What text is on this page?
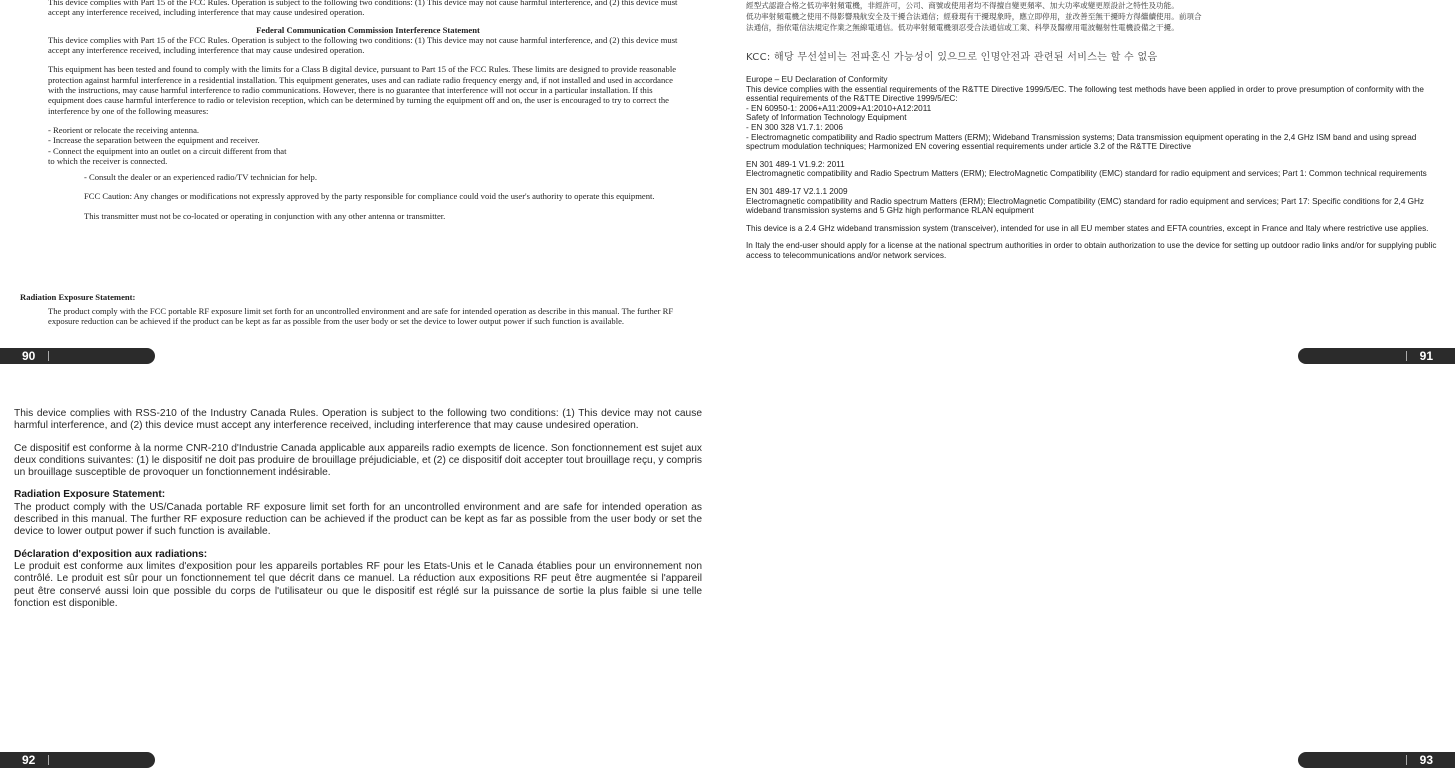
This device complies with Part 15 of the FCC Rules. Operation is subject to the following two conditions: (1) This device may not cause harmful interference, and (2) this device must accept any interference received, including interference that may cause undesired operation.

Federal Communication Commission Interference Statement

This device complies with Part 15 of the FCC Rules. Operation is subject to the following two conditions: (1) This device may not cause harmful interference, and (2) this device must accept any interference received, including interference that may cause undesired operation.

This equipment has been tested and found to comply with the limits for a Class B digital device, pursuant to Part 15 of the FCC Rules. These limits are designed to provide reasonable protection against harmful interference in a residential installation. This equipment generates, uses and can radiate radio frequency energy and, if not installed and used in accordance with the instructions, may cause harmful interference to radio communications. However, there is no guarantee that interference will not occur in a particular installation. If this equipment does cause harmful interference to radio or television reception, which can be determined by turning the equipment off and on, the user is encouraged to try to correct the interference by one of the following measures:

- Reorient or relocate the receiving antenna.

- Increase the separation between the equipment and receiver.

- Connect the equipment into an outlet on a circuit different from that

to which the receiver is connected.

- Consult the dealer or an experienced radio/TV technician for help.

FCC Caution: Any changes or modifications not expressly approved by the party responsible for compliance could void the user's authority to operate this equipment.

This transmitter must not be co-located or operating in conjunction with any other antenna or transmitter.

Radiation Exposure Statement:
The product comply with the FCC portable RF exposure limit set forth for an uncontrolled environment and are safe for intended operation as describe in this manual. The further RF exposure reduction can be achieved if the product can be kept as far as possible from the user body or set the device to lower output power if such function is available.
90
經型式認證合格之低功率射頻電機，非經許可，公司、商號或使用者均不得擅自變更頻率、加大功率或變更原設計之特性及功能。
低功率射頻電機之使用不得影響飛航安全及干擾合法通信；經發現有干擾現象時，應立即停用，並改善至無干擾時方得繼續使用。前項合
法通信，指依電信法規定作業之無線電通信。低功率射頻電機須忍受合法通信或工業、科學及醫療用電波輻射性電機設備之干擾。
KCC: 해당 무선설비는 전파혼신 가능성이 있으므로 인명안전과 관련된 서비스는 할 수 없음

Europe – EU Declaration of Conformity

This device complies with the essential requirements of the R&TTE Directive 1999/5/EC. The following test methods have been applied in order to prove presumption of conformity with the essential requirements of the R&TTE Directive 1999/5/EC:

- EN 60950-1: 2006+A11:2009+A1:2010+A12:2011

Safety of Information Technology Equipment

- EN 300 328 V1.7.1: 2006

- Electromagnetic compatibility and Radio spectrum Matters (ERM); Wideband Transmission systems; Data transmission equipment operating in the 2,4 GHz ISM band and using spread spectrum modulation techniques; Harmonized EN covering essential requirements under article 3.2 of the R&TTE Directive

EN 301 489-1 V1.9.2: 2011

Electromagnetic compatibility and Radio Spectrum Matters (ERM); ElectroMagnetic Compatibility (EMC) standard for radio equipment and services; Part 1: Common technical requirements

EN 301 489-17 V2.1.1 2009

Electromagnetic compatibility and Radio spectrum Matters (ERM); ElectroMagnetic Compatibility (EMC) standard for radio equipment and services; Part 17: Specific conditions for 2,4 GHz wideband transmission systems and 5 GHz high performance RLAN equipment

This device is a 2.4 GHz wideband transmission system (transceiver), intended for use in all EU member states and EFTA countries, except in France and Italy where restrictive use applies.

In Italy the end-user should apply for a license at the national spectrum authorities in order to obtain authorization to use the device for setting up outdoor radio links and/or for supplying public access to telecommunications and/or network services.

91

This device complies with RSS-210 of the Industry Canada Rules. Operation is subject to the following two conditions: (1) This device may not cause harmful interference, and (2) this device must accept any interference received, including interference that may cause undesired operation.

Ce dispositif est conforme à la norme CNR-210 d'Industrie Canada applicable aux appareils radio exempts de licence. Son fonctionnement est sujet aux deux conditions suivantes: (1) le dispositif ne doit pas produire de brouillage préjudiciable, et (2) ce dispositif doit accepter tout brouillage reçu, y compris un brouillage susceptible de provoquer un fonctionnement indésirable.

Radiation Exposure Statement:

The product comply with the US/Canada portable RF exposure limit set forth for an uncontrolled environment and are safe for intended operation as described in this manual. The further RF exposure reduction can be achieved if the product can be kept as far as possible from the user body or set the device to lower output power if such function is available.

Déclaration d'exposition aux radiations:

Le produit est conforme aux limites d'exposition pour les appareils portables RF pour les Etats-Unis et le Canada établies pour un environnement non contrôlé. Le produit est sûr pour un fonctionnement tel que décrit dans ce manuel. La réduction aux expositions RF peut être augmentée si l'appareil peut être conservé aussi loin que possible du corps de l'utilisateur ou que le dispositif est réglé sur la puissance de sortie la plus faible si une telle fonction est disponible.

92	93
